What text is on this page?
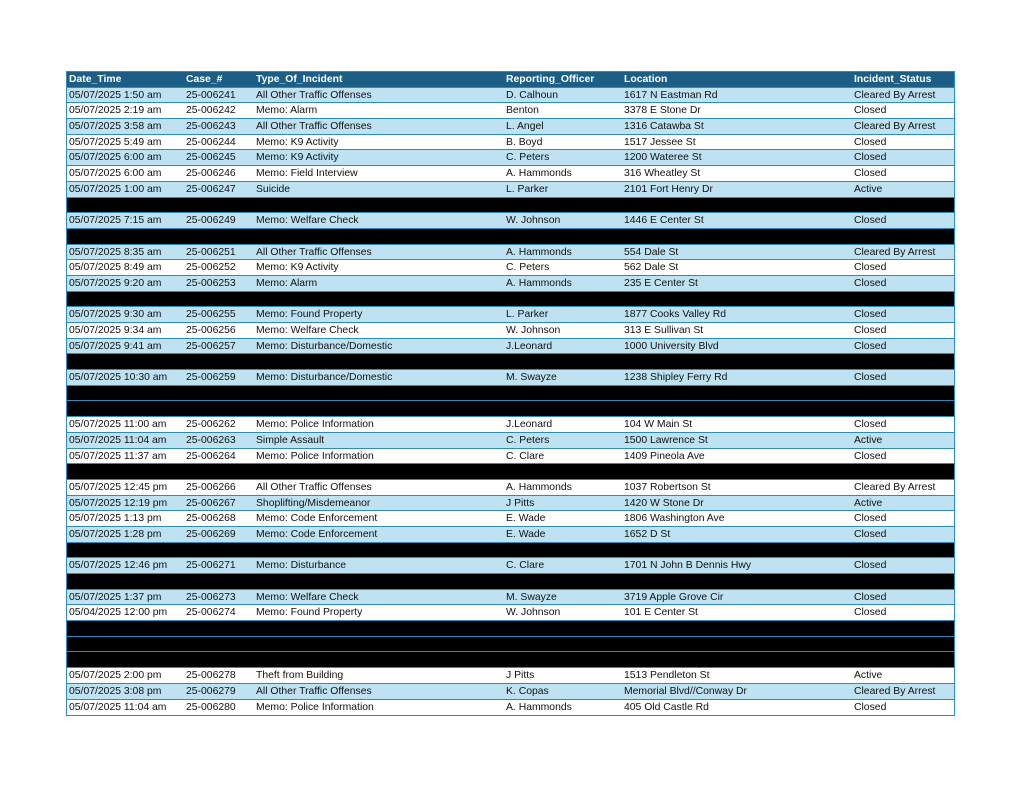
Date_Time	Case_#	Type_Of_Incident	Reporting_Officer	Location	Incident_Status
05/07/2025 1:50 am	25-006241	All Other Traffic Offenses	D. Calhoun	1617 N Eastman Rd	Cleared By Arrest
05/07/2025 2:19 am	25-006242	Memo: Alarm	Benton	3378 E Stone Dr	Closed
05/07/2025 3:58 am	25-006243	All Other Traffic Offenses	L. Angel	1316 Catawba St	Cleared By Arrest
05/07/2025 5:49 am	25-006244	Memo: K9 Activity	B. Boyd	1517 Jessee St	Closed
05/07/2025 6:00 am	25-006245	Memo: K9 Activity	C. Peters	1200 Wateree St	Closed
05/07/2025 6:00 am	25-006246	Memo: Field Interview	A. Hammonds	316 Wheatley St	Closed
05/07/2025 1:00 am	25-006247	Suicide	L. Parker	2101 Fort Henry Dr	Active
05/07/2025 7:15 am	25-006249	Memo: Welfare Check	W. Johnson	1446 E Center St	Closed
05/07/2025 8:35 am	25-006251	All Other Traffic Offenses	A. Hammonds	554 Dale St	Cleared By Arrest
05/07/2025 8:49 am	25-006252	Memo: K9 Activity	C. Peters	562 Dale St	Closed
05/07/2025 9:20 am	25-006253	Memo: Alarm	A. Hammonds	235 E Center St	Closed
05/07/2025 9:30 am	25-006255	Memo: Found Property	L. Parker	1877 Cooks Valley Rd	Closed
05/07/2025 9:34 am	25-006256	Memo: Welfare Check	W. Johnson	313 E Sullivan St	Closed
05/07/2025 9:41 am	25-006257	Memo: Disturbance/Domestic	J.Leonard	1000 University Blvd	Closed
05/07/2025 10:30 am	25-006259	Memo: Disturbance/Domestic	M. Swayze	1238 Shipley Ferry Rd	Closed
05/07/2025 11:00 am	25-006262	Memo: Police Information	J.Leonard	104 W Main St	Closed
05/07/2025 11:04 am	25-006263	Simple Assault	C. Peters	1500 Lawrence St	Active
05/07/2025 11:37 am	25-006264	Memo: Police Information	C. Clare	1409 Pineola Ave	Closed
05/07/2025 12:45 pm	25-006266	All Other Traffic Offenses	A. Hammonds	1037 Robertson St	Cleared By Arrest
05/07/2025 12:19 pm	25-006267	Shoplifting/Misdemeanor	J Pitts	1420 W Stone Dr	Active
05/07/2025 1:13 pm	25-006268	Memo: Code Enforcement	E. Wade	1806 Washington Ave	Closed
05/07/2025 1:28 pm	25-006269	Memo: Code Enforcement	E. Wade	1652 D St	Closed
05/07/2025 12:46 pm	25-006271	Memo: Disturbance	C. Clare	1701 N John B Dennis Hwy	Closed
05/07/2025 1:37 pm	25-006273	Memo: Welfare Check	M. Swayze	3719 Apple Grove Cir	Closed
05/04/2025 12:00 pm	25-006274	Memo: Found Property	W. Johnson	101 E Center St	Closed
05/07/2025 2:00 pm	25-006278	Theft from Building	J Pitts	1513 Pendleton St	Active
05/07/2025 3:08 pm	25-006279	All Other Traffic Offenses	K. Copas	Memorial Blvd//Conway Dr	Cleared By Arrest
05/07/2025 11:04 am	25-006280	Memo: Police Information	A. Hammonds	405 Old Castle Rd	Closed
